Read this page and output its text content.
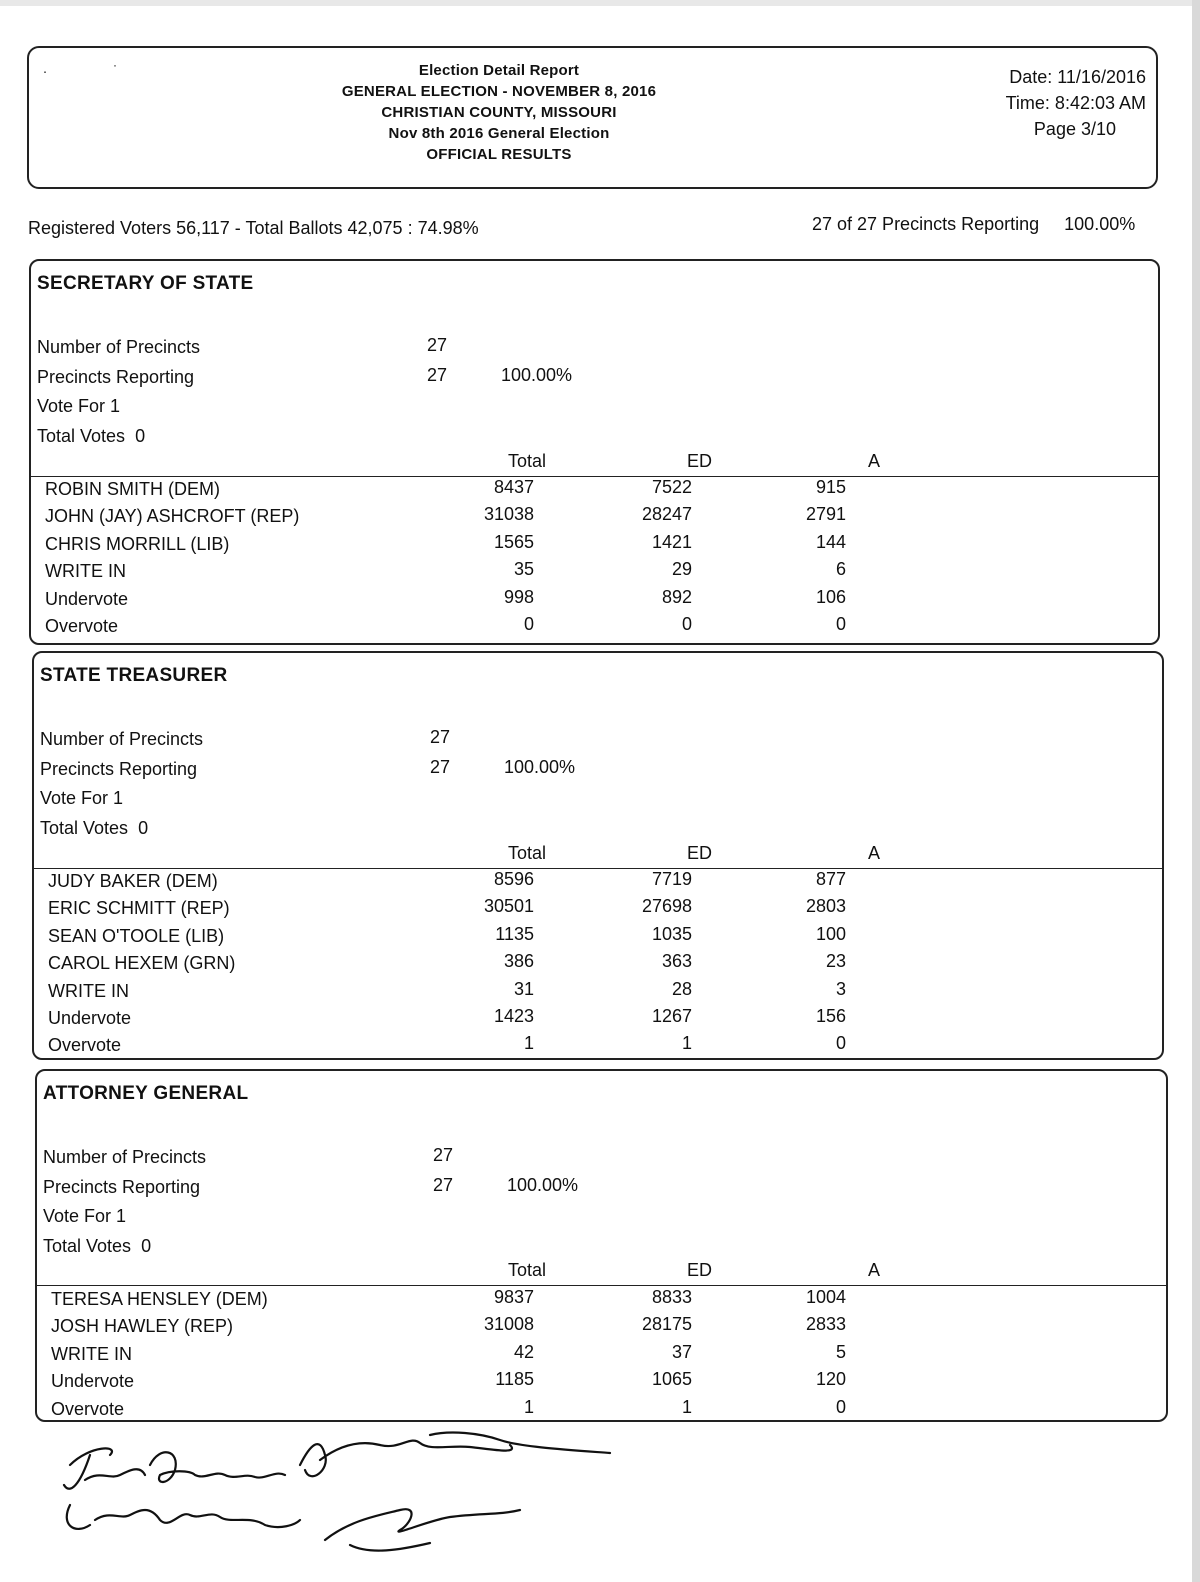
․	·	Election Detail Report
GENERAL ELECTION - NOVEMBER 8, 2016
CHRISTIAN COUNTY, MISSOURI
Nov 8th 2016 General Election
OFFICIAL RESULTS
Date: 11/16/2016
Time: 8:42:03 AM
Page 3/10
Registered Voters 56,117 - Total Ballots 42,075 : 74.98%	27 of 27 Precincts Reporting 100.00%
SECRETARY OF STATE
Number of Precincts	27
Precincts Reporting	27	100.00%
Vote For 1
Total Votes 0
Total	ED	A
ROBIN SMITH (DEM)	8437	7522	915
JOHN (JAY) ASHCROFT (REP)	31038	28247	2791
CHRIS MORRILL (LIB)	1565	1421	144
WRITE IN	35	29	6
Undervote	998	892	106
Overvote	0	0	0
STATE TREASURER
Number of Precincts	27
Precincts Reporting	27	100.00%
Vote For 1
Total Votes 0
Total	ED	A
JUDY BAKER (DEM)	8596	7719	877
ERIC SCHMITT (REP)	30501	27698	2803
SEAN O'TOOLE (LIB)	1135	1035	100
CAROL HEXEM (GRN)	386	363	23
WRITE IN	31	28	3
Undervote	1423	1267	156
Overvote	1	1	0
ATTORNEY GENERAL
Number of Precincts	27
Precincts Reporting	27	100.00%
Vote For 1
Total Votes 0
Total	ED	A
TERESA HENSLEY (DEM)	9837	8833	1004
JOSH HAWLEY (REP)	31008	28175	2833
WRITE IN	42	37	5
Undervote	1185	1065	120
Overvote	1	1	0
